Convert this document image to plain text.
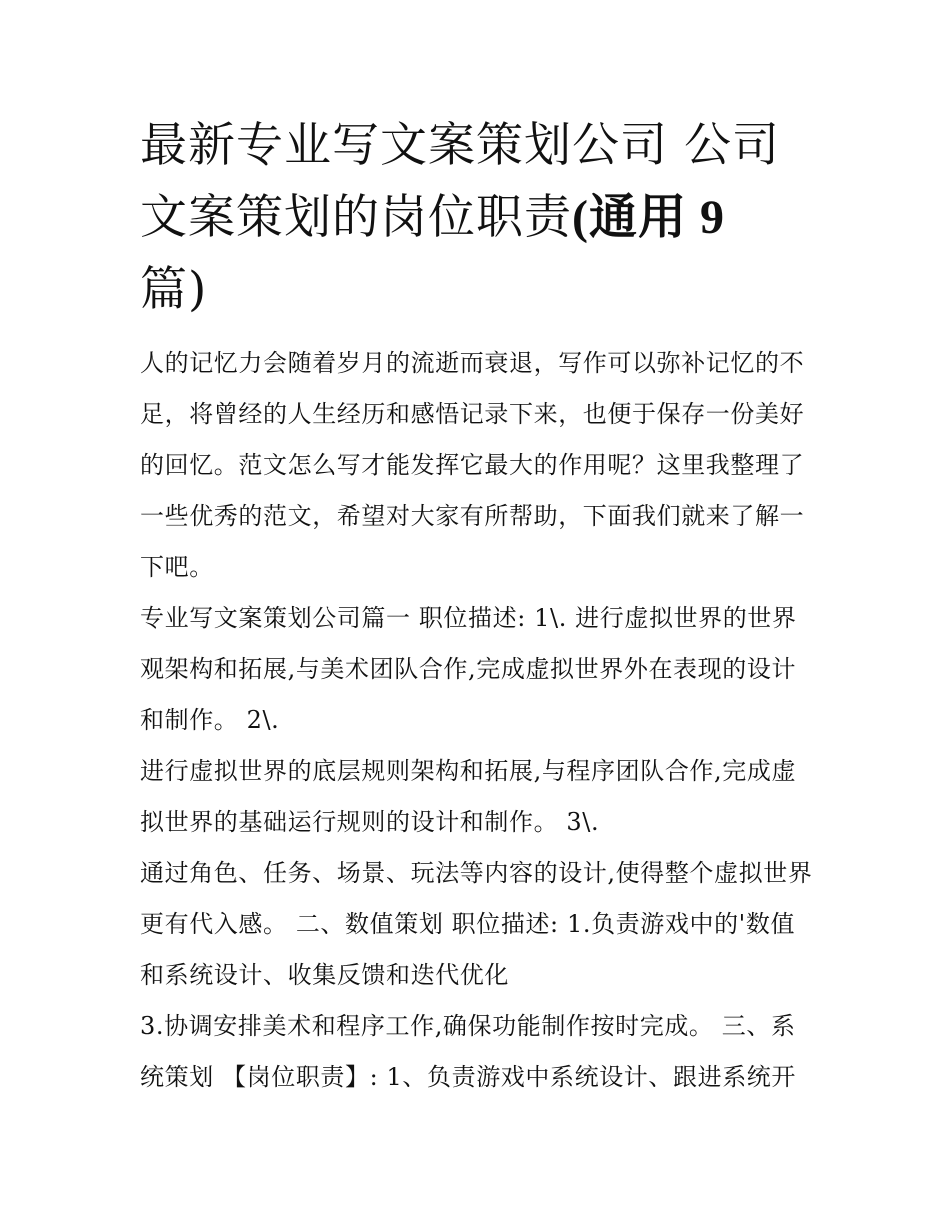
最新专业写文案策划公司 公司文案策划的岗位职责(通用 9
篇)

人的记忆力会随着岁月的流逝而衰退，写作可以弥补记忆的不足，将曾经的人生经历和感悟记录下来，也便于保存一份美好的回忆。范文怎么写才能发挥它最大的作用呢？这里我整理了一些优秀的范文，希望对大家有所帮助，下面我们就来了解一下吧。

专业写文案策划公司篇一 职位描述: 1\. 进行虚拟世界的世界观架构和拓展,与美术团队合作,完成虚拟世界外在表现的设计和制作。 2\.

进行虚拟世界的底层规则架构和拓展,与程序团队合作,完成虚拟世界的基础运行规则的设计和制作。 3\.

通过角色、任务、场景、玩法等内容的设计,使得整个虚拟世界更有代入感。 二、数值策划 职位描述: 1.负责游戏中的'数值和系统设计、收集反馈和迭代优化

3.协调安排美术和程序工作,确保功能制作按时完成。 三、系统策划 【岗位职责】: 1、负责游戏中系统设计、跟进系统开
